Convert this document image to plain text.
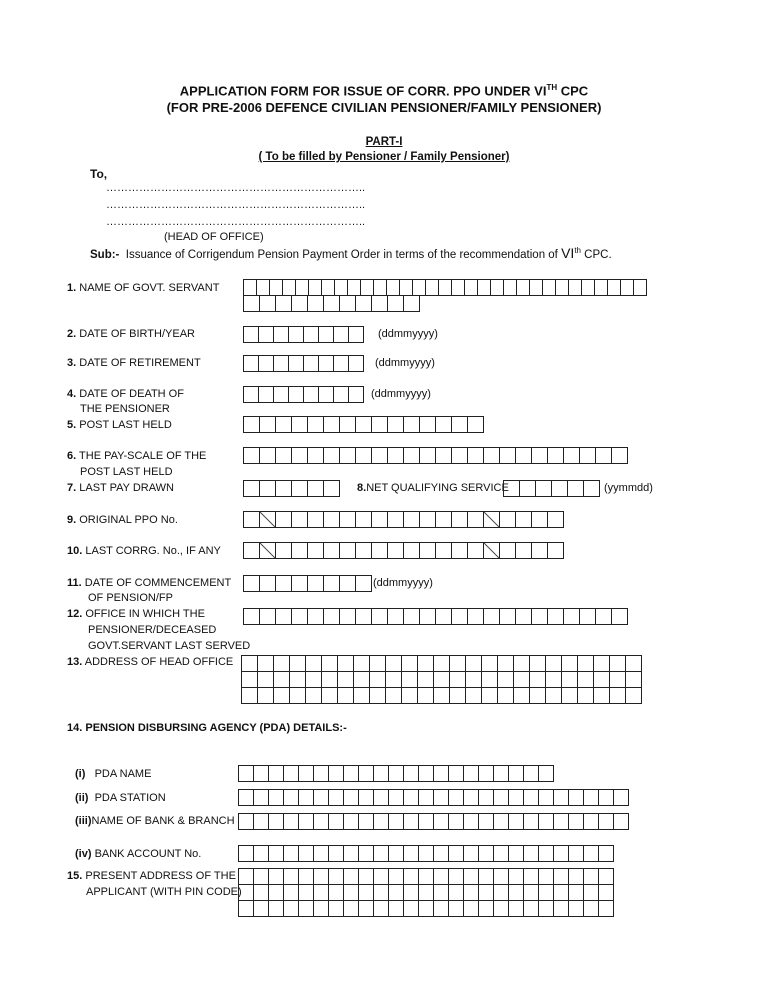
APPLICATION FORM FOR ISSUE OF CORR. PPO UNDER VITH CPC
(FOR PRE-2006 DEFENCE CIVILIAN PENSIONER/FAMILY PENSIONER)
PART-I
( To be filled by Pensioner / Family Pensioner)
To,
……………………………………………………………..
……………………………………………………………..
……………………………………………………………..
(HEAD OF OFFICE)
Sub:- Issuance of Corrigendum Pension Payment Order in terms of the recommendation of VIth CPC.
1. NAME OF GOVT. SERVANT
2. DATE OF BIRTH/YEAR	(ddmmyyyy)
3. DATE OF RETIREMENT	(ddmmyyyy)
4. DATE OF DEATH OF
THE PENSIONER
(ddmmyyyy)
5. POST LAST HELD
6. THE PAY-SCALE OF THE
POST LAST HELD
7. LAST PAY DRAWN	8.NET QUALIFYING SERVICE	(yymmdd)
9. ORIGINAL PPO No.
10. LAST CORRG. No., IF ANY
11. DATE OF COMMENCEMENT
OF PENSION/FP
(ddmmyyyy)
12. OFFICE IN WHICH THE
PENSIONER/DECEASED
GOVT.SERVANT LAST SERVED
13. ADDRESS OF HEAD OFFICE
14. PENSION DISBURSING AGENCY (PDA) DETAILS:-
(i) PDA NAME
(ii) PDA STATION
(iii)NAME OF BANK & BRANCH
(iv) BANK ACCOUNT No.
15. PRESENT ADDRESS OF THE
APPLICANT (WITH PIN CODE)
